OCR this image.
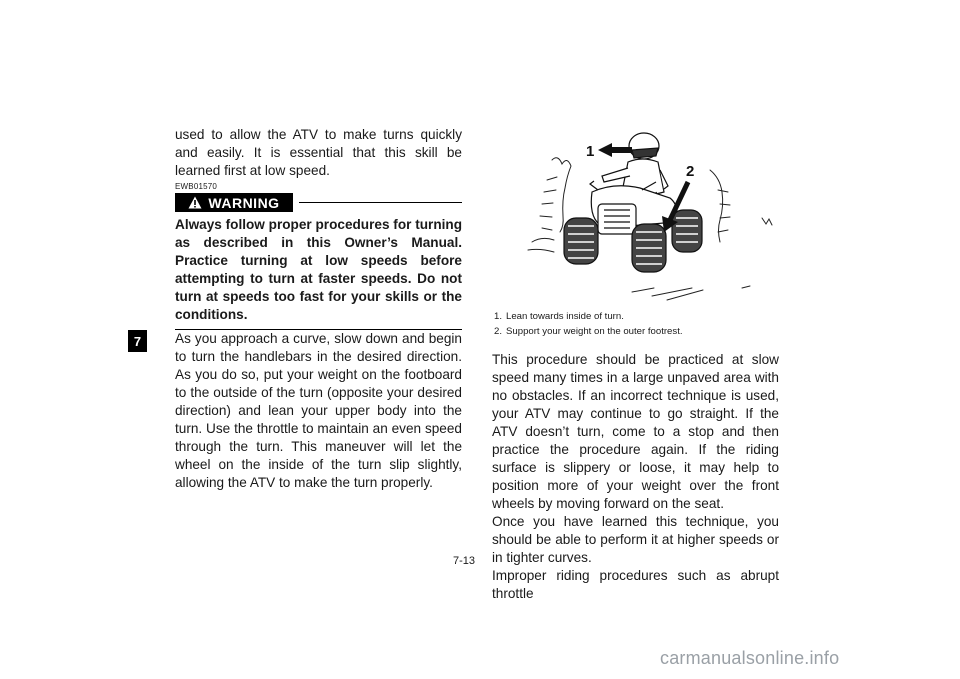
7

used to allow the ATV to make turns quickly and easily. It is essential that this skill be learned first at low speed.

EWB01570
WARNING
Always follow proper procedures for turning as described in this Owner’s Manual. Practice turning at low speeds before attempting to turn at faster speeds. Do not turn at speeds too fast for your skills or the conditions.

As you approach a curve, slow down and begin to turn the handlebars in the desired direction. As you do so, put your weight on the footboard to the outside of the turn (opposite your desired direction) and lean your upper body into the turn. Use the throttle to maintain an even speed through the turn. This maneuver will let the wheel on the inside of the turn slip slightly, allowing the ATV to make the turn properly.

1
2
1. Lean towards inside of turn.
2. Support your weight on the outer footrest.

This procedure should be practiced at slow speed many times in a large unpaved area with no obstacles. If an incorrect technique is used, your ATV may continue to go straight. If the ATV doesn’t turn, come to a stop and then practice the procedure again. If the riding surface is slippery or loose, it may help to position more of your weight over the front wheels by moving forward on the seat.

Once you have learned this technique, you should be able to perform it at higher speeds or in tighter curves.

Improper riding procedures such as abrupt throttle

7-13
carmanualsonline.info
